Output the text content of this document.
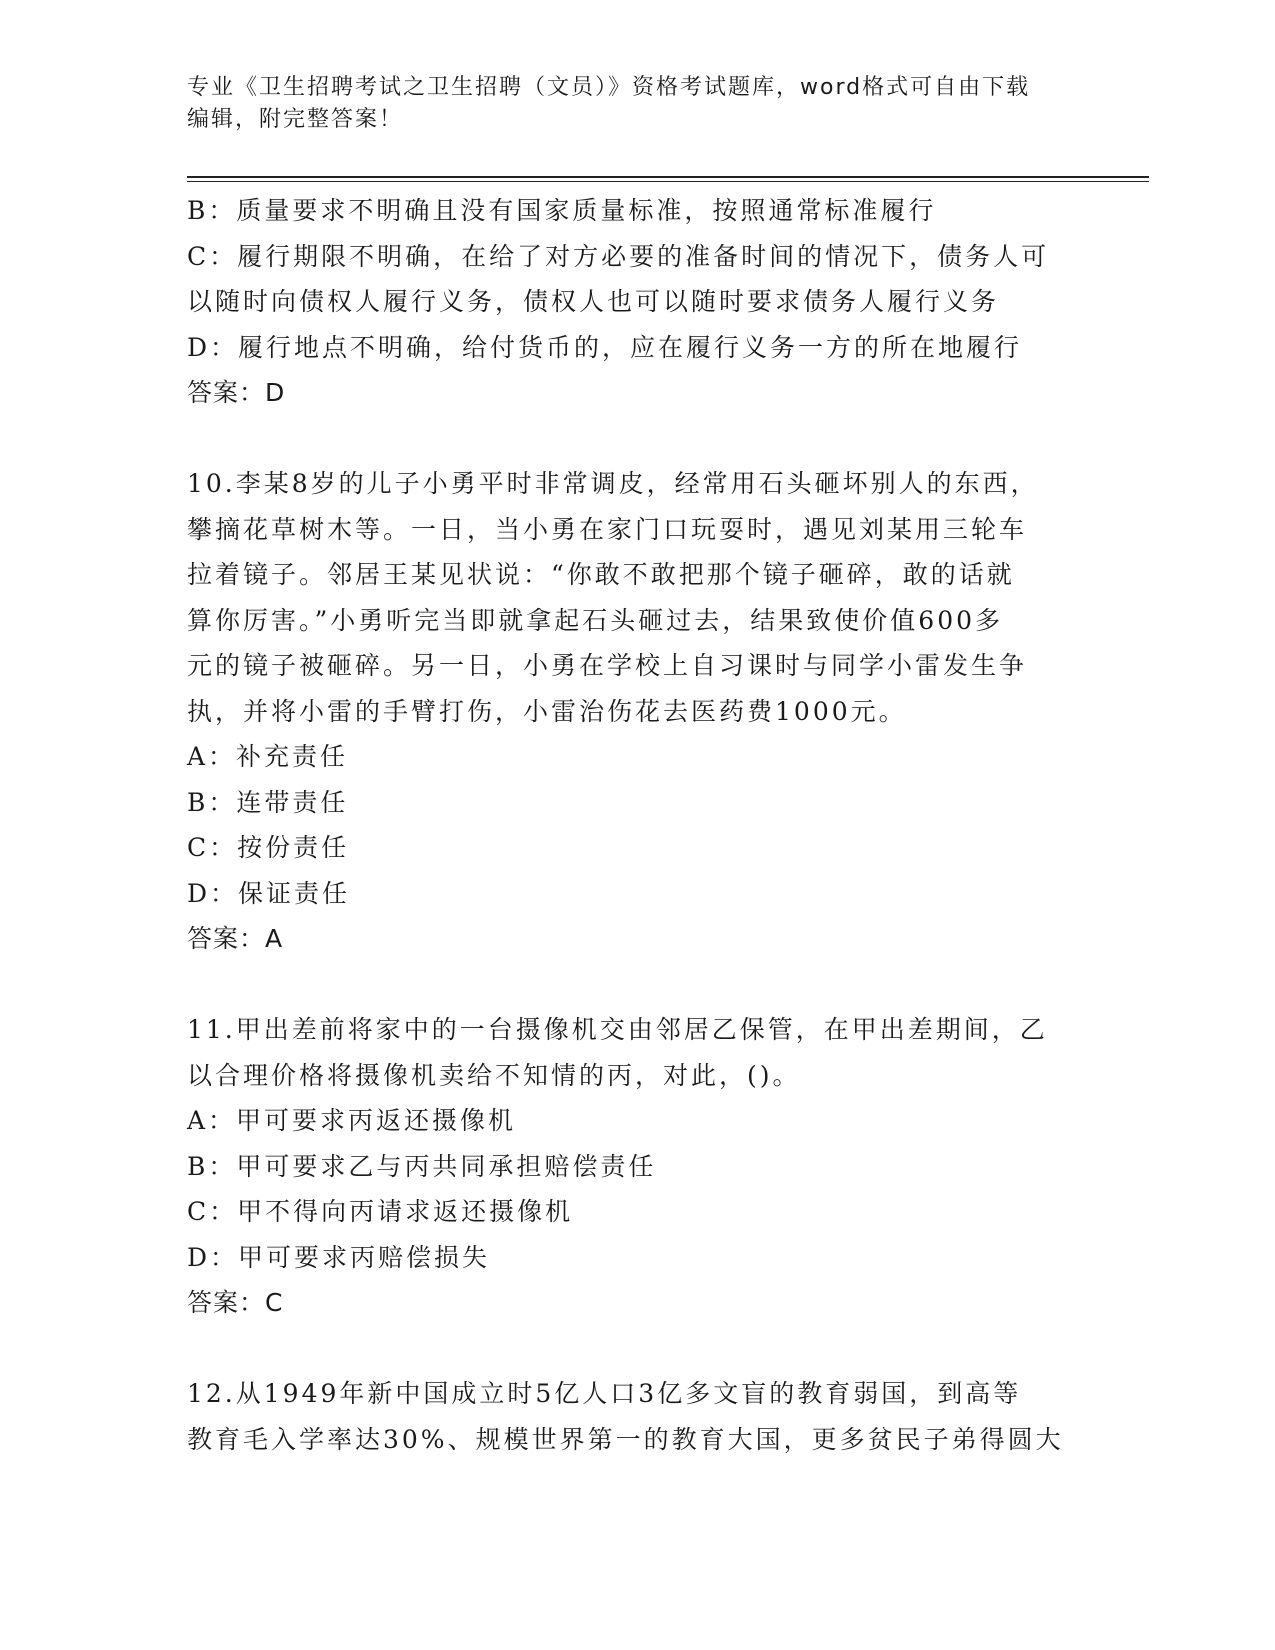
专业《卫生招聘考试之卫生招聘（文员）》资格考试题库，word格式可自由下载
编辑，附完整答案！
B：质量要求不明确且没有国家质量标准，按照通常标准履行
C：履行期限不明确，在给了对方必要的准备时间的情况下，债务人可
以随时向债权人履行义务，债权人也可以随时要求债务人履行义务
D：履行地点不明确，给付货币的，应在履行义务一方的所在地履行
答案：D
10.李某8岁的儿子小勇平时非常调皮，经常用石头砸坏别人的东西，
攀摘花草树木等。一日，当小勇在家门口玩耍时，遇见刘某用三轮车
拉着镜子。邻居王某见状说：“你敢不敢把那个镜子砸碎，敢的话就
算你厉害。”小勇听完当即就拿起石头砸过去，结果致使价值600多
元的镜子被砸碎。另一日，小勇在学校上自习课时与同学小雷发生争
执，并将小雷的手臂打伤，小雷治伤花去医药费1000元。
A：补充责任
B：连带责任
C：按份责任
D：保证责任
答案：A
11.甲出差前将家中的一台摄像机交由邻居乙保管，在甲出差期间，乙
以合理价格将摄像机卖给不知情的丙，对此，()。
A：甲可要求丙返还摄像机
B：甲可要求乙与丙共同承担赔偿责任
C：甲不得向丙请求返还摄像机
D：甲可要求丙赔偿损失
答案：C
12.从1949年新中国成立时5亿人口3亿多文盲的教育弱国，到高等
教育毛入学率达30%、规模世界第一的教育大国，更多贫民子弟得圆大
